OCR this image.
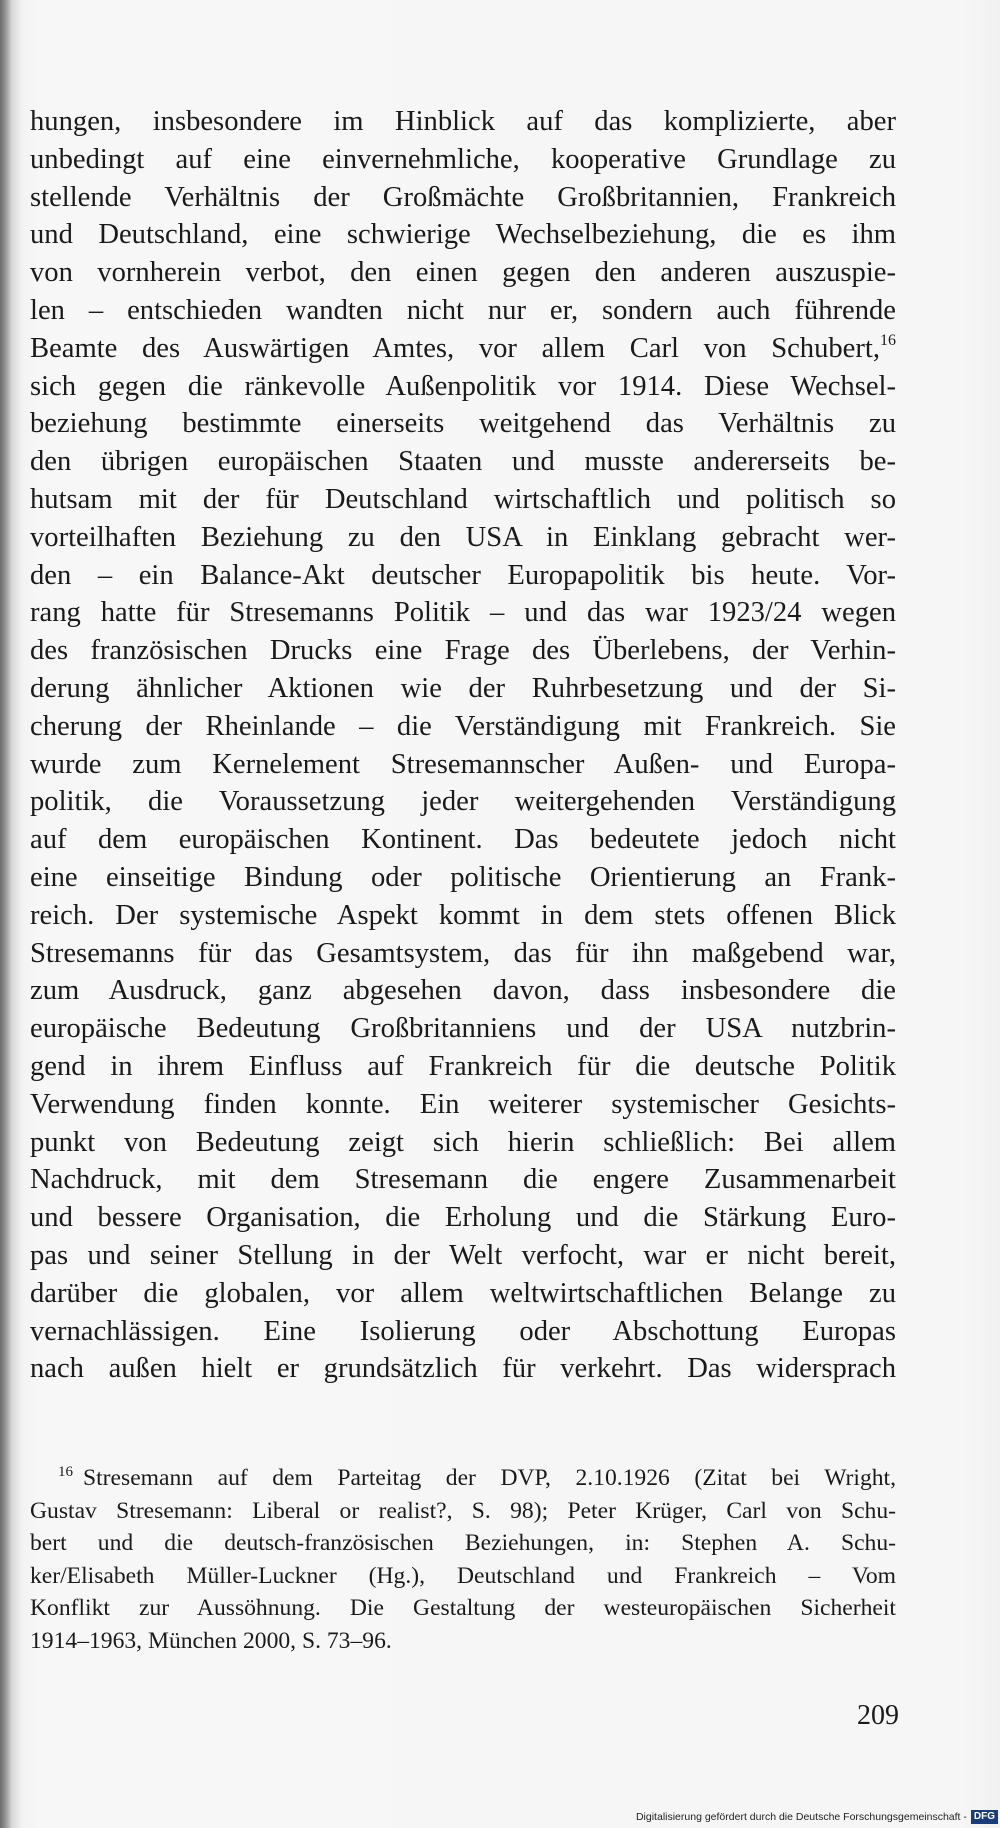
hungen, insbesondere im Hinblick auf das komplizierte, aber
unbedingt auf eine einvernehmliche, kooperative Grundlage zu
stellende Verhältnis der Großmächte Großbritannien, Frankreich
und Deutschland, eine schwierige Wechselbeziehung, die es ihm
von vornherein verbot, den einen gegen den anderen auszuspie-
len – entschieden wandten nicht nur er, sondern auch führende
Beamte des Auswärtigen Amtes, vor allem Carl von Schubert,$^{16}$
sich gegen die ränkevolle Außenpolitik vor 1914. Diese Wechsel-
beziehung bestimmte einerseits weitgehend das Verhältnis zu
den übrigen europäischen Staaten und musste andererseits be-
hutsam mit der für Deutschland wirtschaftlich und politisch so
vorteilhaften Beziehung zu den USA in Einklang gebracht wer-
den – ein Balance-Akt deutscher Europapolitik bis heute. Vor-
rang hatte für Stresemanns Politik – und das war 1923/24 wegen
des französischen Drucks eine Frage des Überlebens, der Verhin-
derung ähnlicher Aktionen wie der Ruhrbesetzung und der Si-
cherung der Rheinlande – die Verständigung mit Frankreich. Sie
wurde zum Kernelement Stresemannscher Außen- und Europa-
politik, die Voraussetzung jeder weitergehenden Verständigung
auf dem europäischen Kontinent. Das bedeutete jedoch nicht
eine einseitige Bindung oder politische Orientierung an Frank-
reich. Der systemische Aspekt kommt in dem stets offenen Blick
Stresemanns für das Gesamtsystem, das für ihn maßgebend war,
zum Ausdruck, ganz abgesehen davon, dass insbesondere die
europäische Bedeutung Großbritanniens und der USA nutzbrin-
gend in ihrem Einfluss auf Frankreich für die deutsche Politik
Verwendung finden konnte. Ein weiterer systemischer Gesichts-
punkt von Bedeutung zeigt sich hierin schließlich: Bei allem
Nachdruck, mit dem Stresemann die engere Zusammenarbeit
und bessere Organisation, die Erholung und die Stärkung Euro-
pas und seiner Stellung in der Welt verfocht, war er nicht bereit,
darüber die globalen, vor allem weltwirtschaftlichen Belange zu
vernachlässigen. Eine Isolierung oder Abschottung Europas
nach außen hielt er grundsätzlich für verkehrt. Das widersprach
$^{16}$ Stresemann auf dem Parteitag der DVP, 2.10.1926 (Zitat bei Wright,
Gustav Stresemann: Liberal or realist?, S. 98); Peter Krüger, Carl von Schu-
bert und die deutsch-französischen Beziehungen, in: Stephen A. Schu-
ker/Elisabeth Müller-Luckner (Hg.), Deutschland und Frankreich – Vom
Konflikt zur Aussöhnung. Die Gestaltung der westeuropäischen Sicherheit
1914–1963, München 2000, S. 73–96.
209
Digitalisierung gefördert durch die Deutsche Forschungsgemeinschaft - DFG
